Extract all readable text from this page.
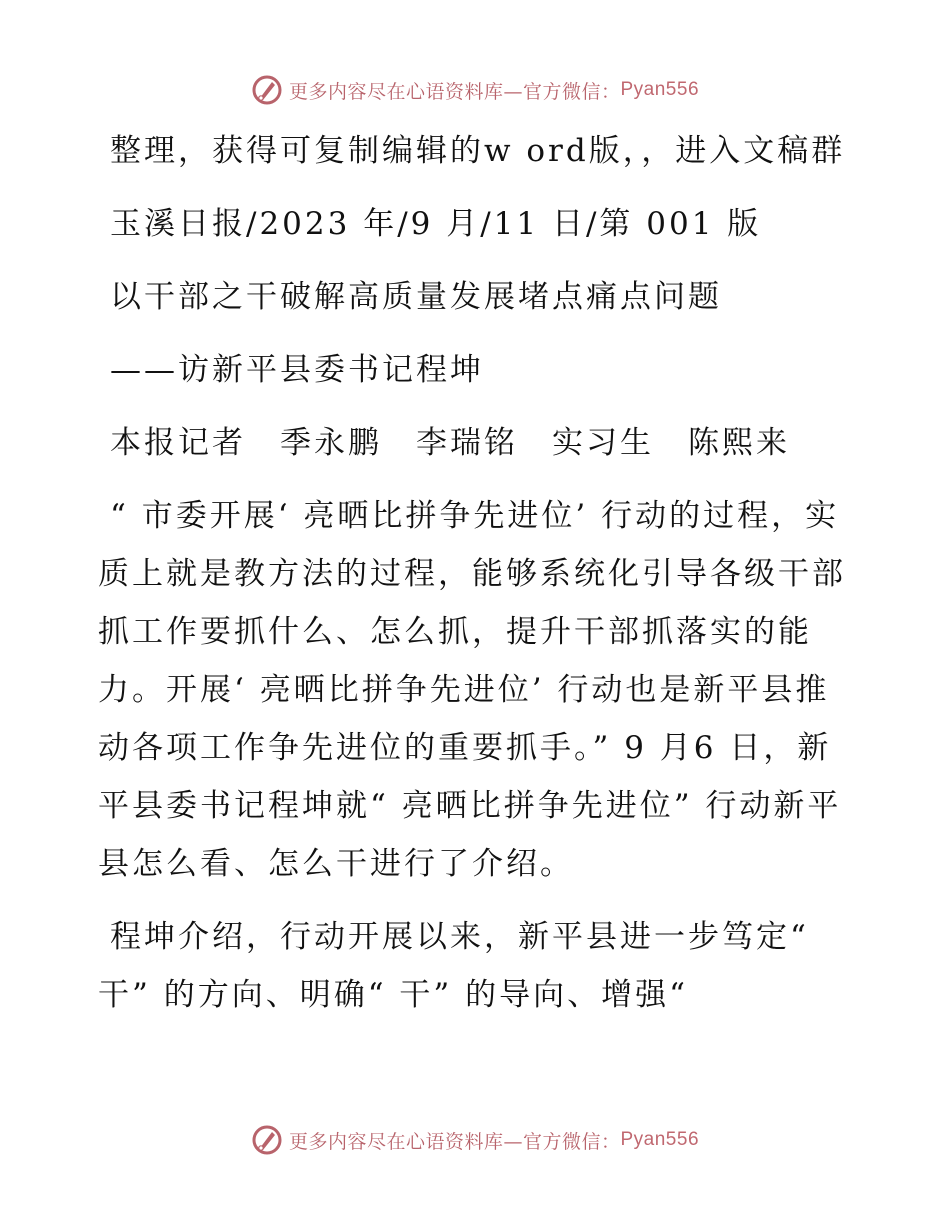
更多内容尽在心语资料库—官方微信： Pyan556

整理，获得可复制编辑的w ord版，，进入文稿群

玉溪日报/2023 年/9 月/11 日/第 001 版

以干部之干破解高质量发展堵点痛点问题

——访新平县委书记程坤

本报记者　季永鹏　李瑞铭　实习生　陈熙来

“ 市委开展‘ 亮晒比拼争先进位’ 行动的过程，实质上就是教方法的过程，能够系统化引导各级干部抓工作要抓什么、怎么抓，提升干部抓落实的能力。开展‘ 亮晒比拼争先进位’ 行动也是新平县推动各项工作争先进位的重要抓手。” 9 月6 日，新平县委书记程坤就“ 亮晒比拼争先进位” 行动新平县怎么看、怎么干进行了介绍。

程坤介绍，行动开展以来，新平县进一步笃定“ 干” 的方向、明确“ 干” 的导向、增强“

更多内容尽在心语资料库—官方微信： Pyan556
